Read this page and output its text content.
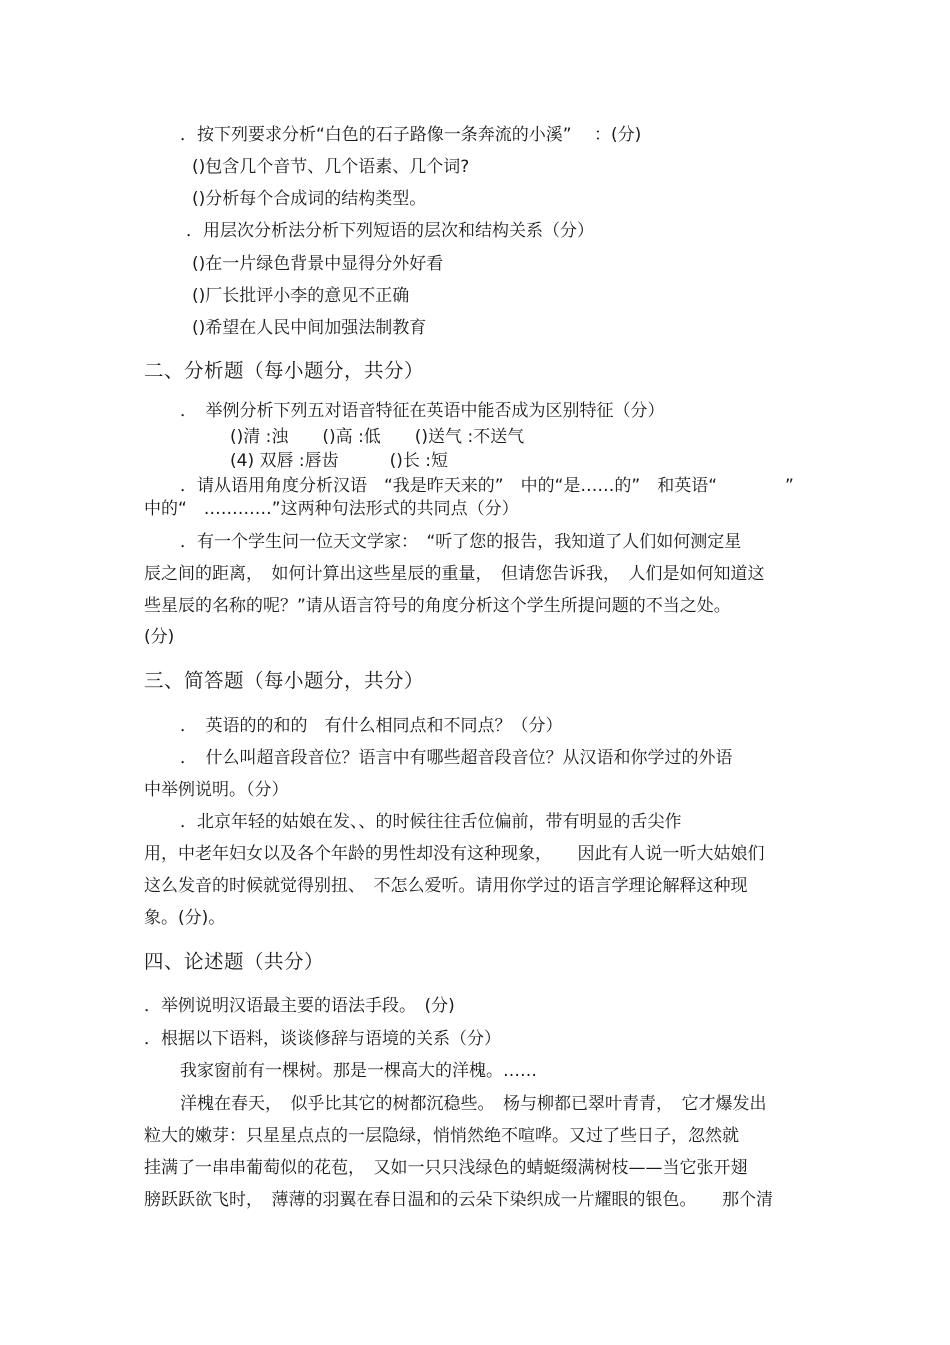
．按下列要求分析“白色的石子路像一条奔流的小溪”　 ：(分)
()包含几个音节、几个语素、几个词?
()分析每个合成词的结构类型。
．用层次分析法分析下列短语的层次和结构关系（分）
()在一片绿色背景中显得分外好看
()厂长批评小李的意见不正确
()希望在人民中间加强法制教育
二、分析题（每小题分，共分）
．　举例分析下列五对语音特征在英语中能否成为区别特征（分）
()清 :浊　　()高 :低　　()送气 :不送气
(4) 双唇 :唇齿　　　()长 :短
．请从语用角度分析汉语　“我是昨天来的”　中的“是……的”　和英语“　　　　”
中的“　…………”这两种句法形式的共同点（分）
．有一个学生问一位天文学家：　“听了您的报告，我知道了人们如何测定星
辰之间的距离，　如何计算出这些星辰的重量，　但请您告诉我，　人们是如何知道这
些星辰的名称的呢？”请从语言符号的角度分析这个学生所提问题的不当之处。
(分)
三、简答题（每小题分，共分）
．　英语的的和的　有什么相同点和不同点？（分）
．　什么叫超音段音位？语言中有哪些超音段音位？从汉语和你学过的外语
中举例说明。（分）
．北京年轻的姑娘在发、、的时候往往舌位偏前，带有明显的舌尖作
用，中老年妇女以及各个年龄的男性却没有这种现象，　　因此有人说一听大姑娘们
这么发音的时候就觉得别扭、　不怎么爱听。请用你学过的语言学理论解释这种现
象。(分)。
四、论述题（共分）
．举例说明汉语最主要的语法手段。　(分)
．根据以下语料，谈谈修辞与语境的关系（分）
我家窗前有一棵树。那是一棵高大的洋槐。……
洋槐在春天，　似乎比其它的树都沉稳些。　杨与柳都已翠叶青青，　它才爆发出
粒大的嫩芽：只星星点点的一层隐绿，悄悄然绝不喧哗。又过了些日子，忽然就
挂满了一串串葡萄似的花苞，　又如一只只浅绿色的蜻蜓缀满树枝——当它张开翅
膀跃跃欲飞时，　薄薄的羽翼在春日温和的云朵下染织成一片耀眼的银色。　　那个清
